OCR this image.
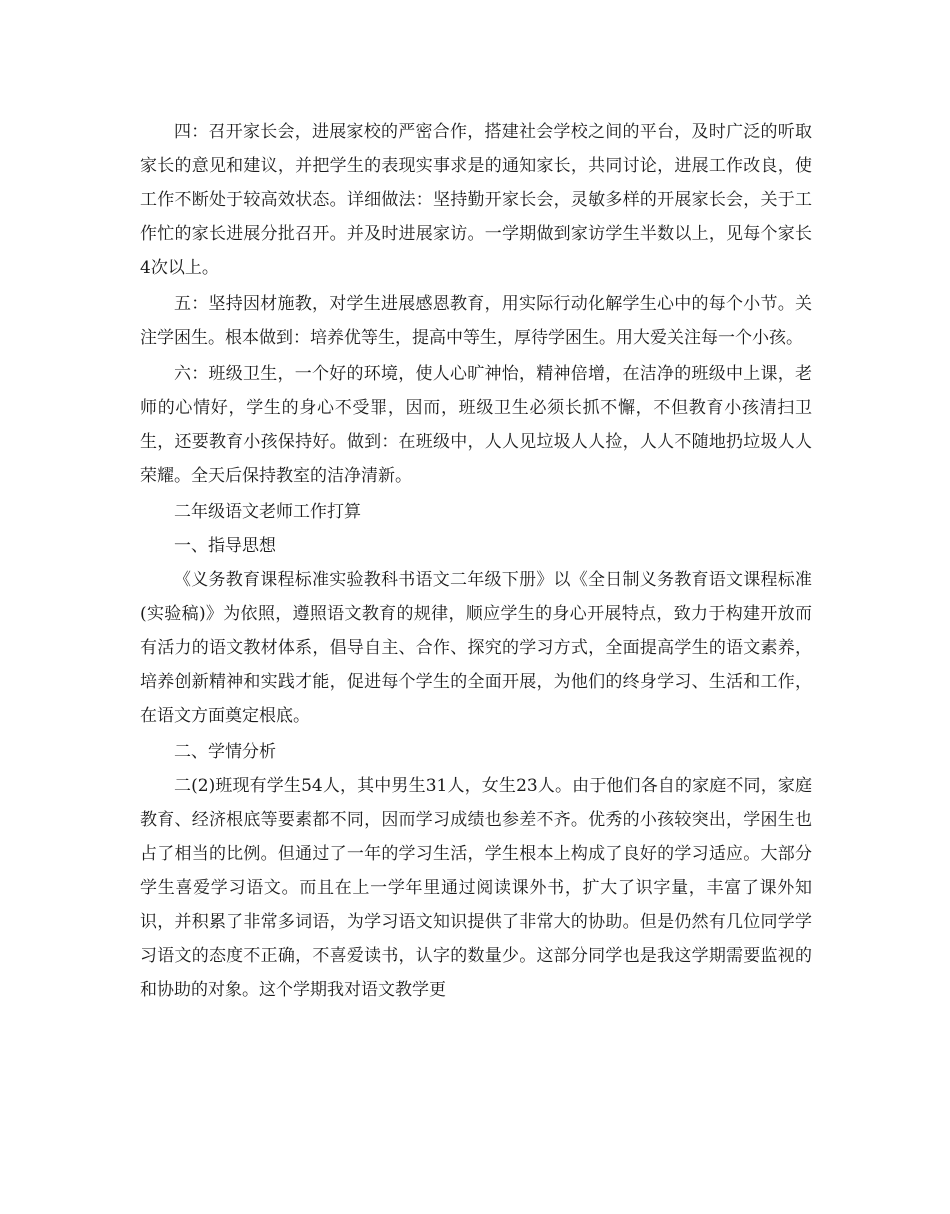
四：召开家长会，进展家校的严密合作，搭建社会学校之间的平台，及时广泛的听取家长的意见和建议，并把学生的表现实事求是的通知家长，共同讨论，进展工作改良，使工作不断处于较高效状态。详细做法：坚持勤开家长会，灵敏多样的开展家长会，关于工作忙的家长进展分批召开。并及时进展家访。一学期做到家访学生半数以上，见每个家长4次以上。

五：坚持因材施教，对学生进展感恩教育，用实际行动化解学生心中的每个小节。关注学困生。根本做到：培养优等生，提高中等生，厚待学困生。用大爱关注每一个小孩。

六：班级卫生，一个好的环境，使人心旷神怡，精神倍增，在洁净的班级中上课，老师的心情好，学生的身心不受罪，因而，班级卫生必须长抓不懈，不但教育小孩清扫卫生，还要教育小孩保持好。做到：在班级中，人人见垃圾人人捡，人人不随地扔垃圾人人荣耀。全天后保持教室的洁净清新。

二年级语文老师工作打算

一、指导思想

《义务教育课程标准实验教科书语文二年级下册》以《全日制义务教育语文课程标准(实验稿)》为依照，遵照语文教育的规律，顺应学生的身心开展特点，致力于构建开放而有活力的语文教材体系，倡导自主、合作、探究的学习方式，全面提高学生的语文素养，培养创新精神和实践才能，促进每个学生的全面开展，为他们的终身学习、生活和工作，在语文方面奠定根底。

二、学情分析

二(2)班现有学生54人，其中男生31人，女生23人。由于他们各自的家庭不同，家庭教育、经济根底等要素都不同，因而学习成绩也参差不齐。优秀的小孩较突出，学困生也占了相当的比例。但通过了一年的学习生活，学生根本上构成了良好的学习适应。大部分学生喜爱学习语文。而且在上一学年里通过阅读课外书，扩大了识字量，丰富了课外知识，并积累了非常多词语，为学习语文知识提供了非常大的协助。但是仍然有几位同学学习语文的态度不正确，不喜爱读书，认字的数量少。这部分同学也是我这学期需要监视的和协助的对象。这个学期我对语文教学更
